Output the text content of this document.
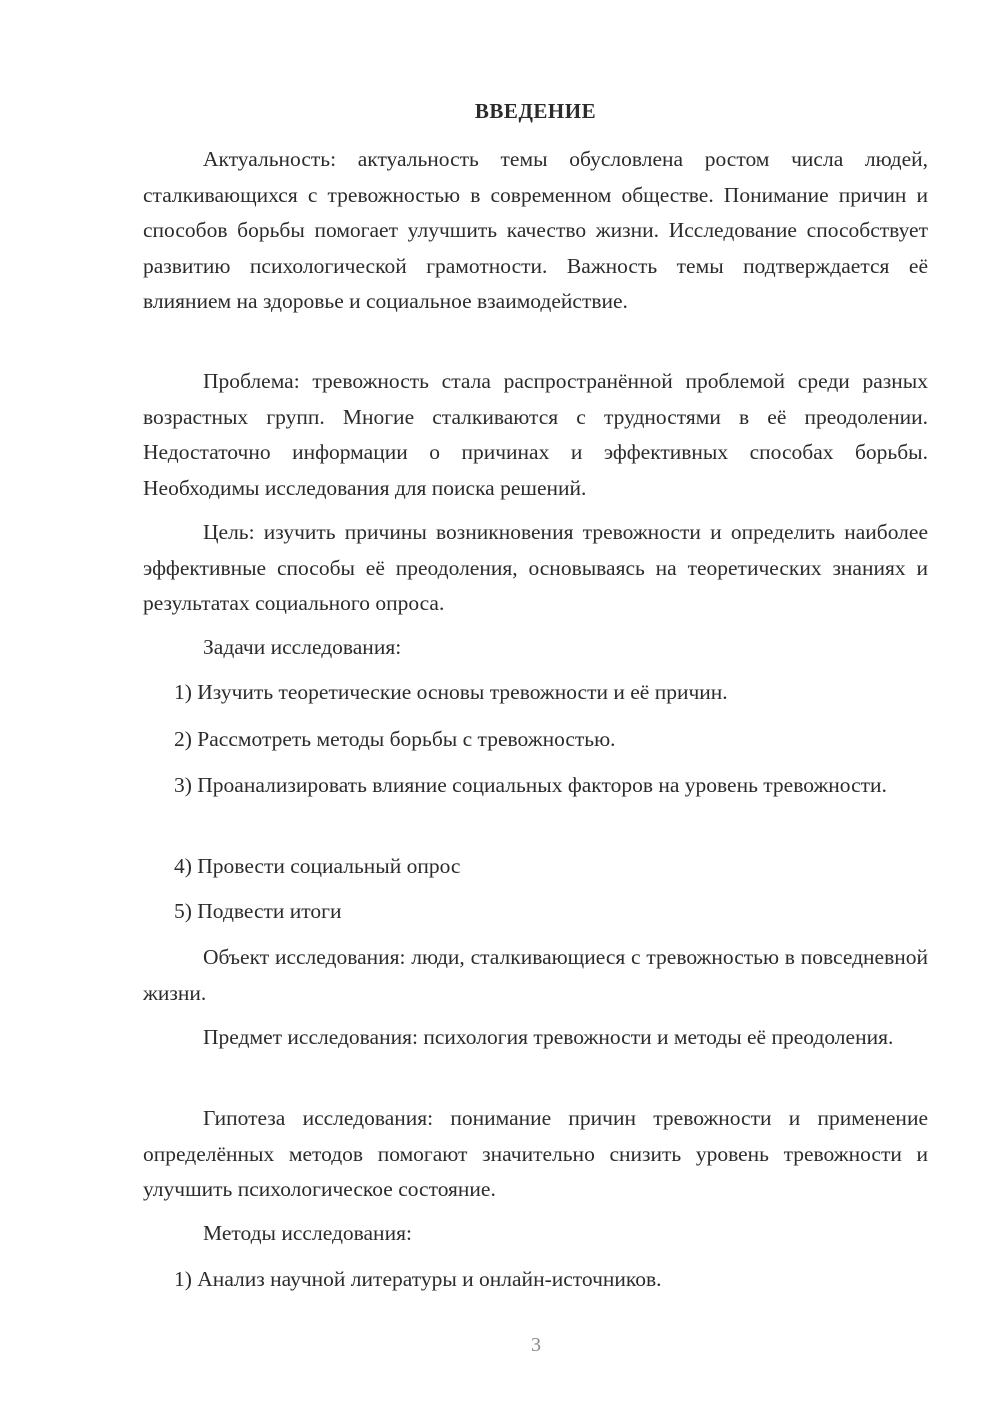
ВВЕДЕНИЕ

Актуальность: актуальность темы обусловлена ростом числа людей, сталкивающихся с тревожностью в современном обществе. Понимание причин и способов борьбы помогает улучшить качество жизни. Исследование способствует развитию психологической грамотности. Важность темы подтверждается её влиянием на здоровье и социальное взаимодействие.

Проблема: тревожность стала распространённой проблемой среди разных возрастных групп. Многие сталкиваются с трудностями в её преодолении. Недостаточно информации о причинах и эффективных способах борьбы. Необходимы исследования для поиска решений.

Цель: изучить причины возникновения тревожности и определить наиболее эффективные способы её преодоления, основываясь на теоретических знаниях и результатах социального опроса.

Задачи исследования:

1) Изучить теоретические основы тревожности и её причин.

2) Рассмотреть методы борьбы с тревожностью.

3) Проанализировать влияние социальных факторов на уровень тревожности.

4) Провести социальный опрос

5) Подвести итоги

Объект исследования: люди, сталкивающиеся с тревожностью в повседневной жизни.

Предмет исследования: психология тревожности и методы её преодоления.

Гипотеза исследования: понимание причин тревожности и применение определённых методов помогают значительно снизить уровень тревожности и улучшить психологическое состояние.

Методы исследования:

1) Анализ научной литературы и онлайн-источников.

3
